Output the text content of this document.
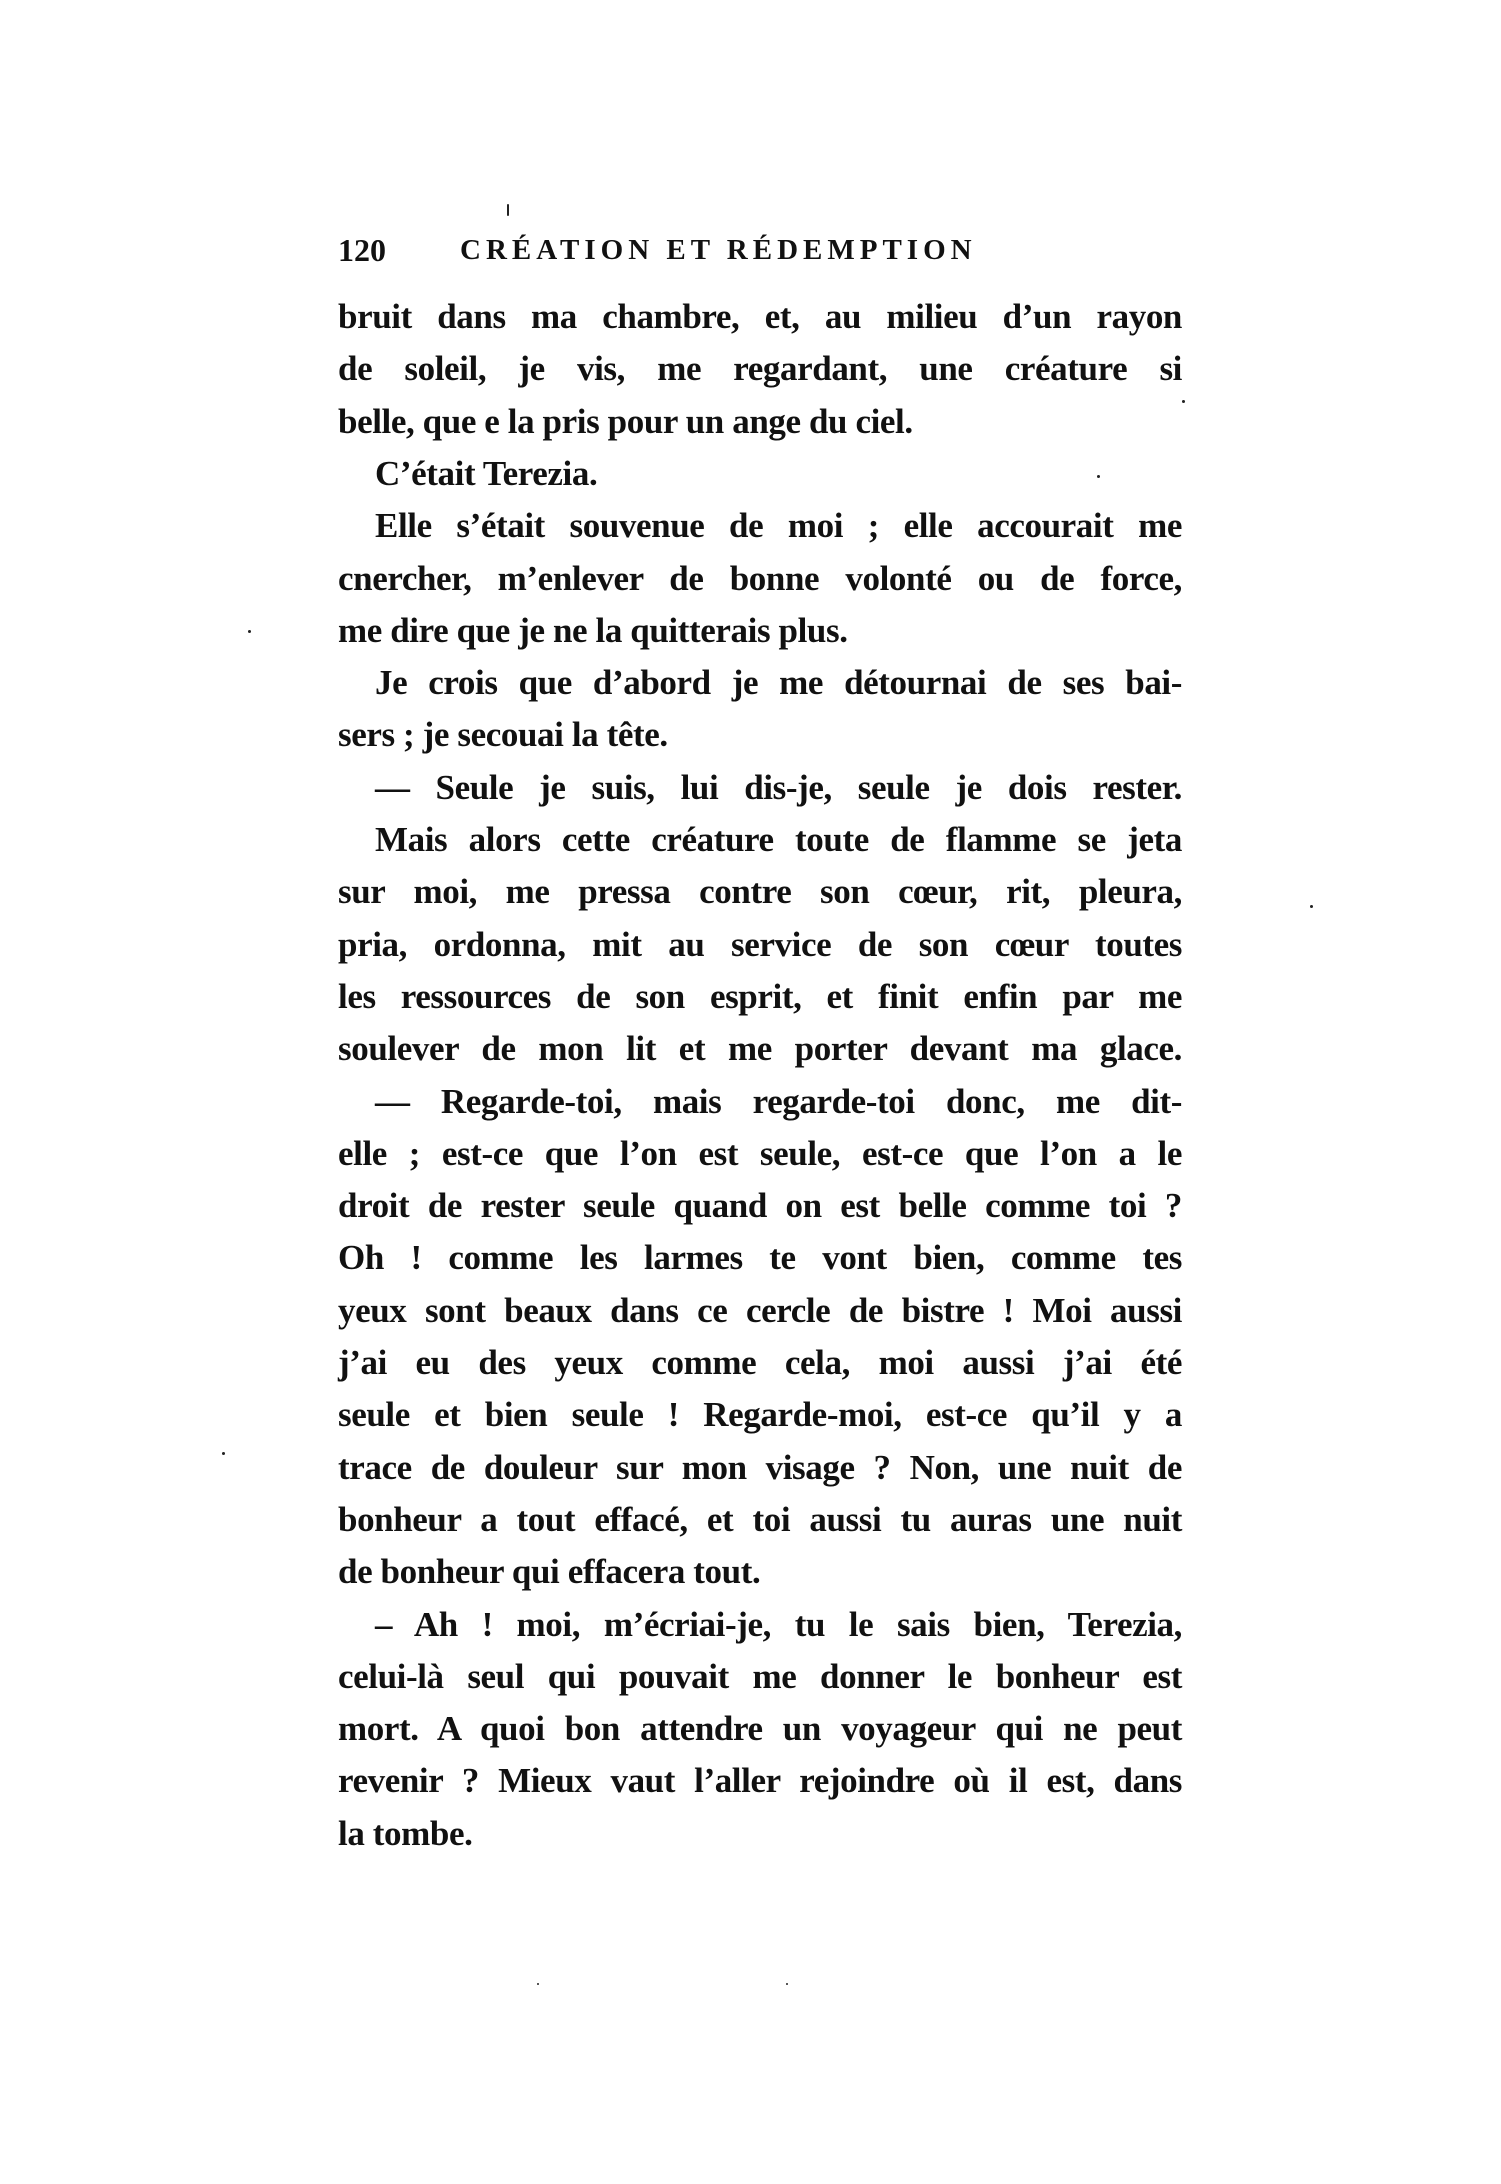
120	CRÉATION ET RÉDEMPTION
bruit dans ma chambre, et, au milieu d’un rayon
de soleil, je vis, me regardant, une créature si
belle, que e la pris pour un ange du ciel.
C’était Terezia.
Elle s’était souvenue de moi ; elle accourait me
cnercher, m’enlever de bonne volonté ou de force,
me dire que je ne la quitterais plus.
Je crois que d’abord je me détournai de ses bai-
sers ; je secouai la tête.
— Seule je suis, lui dis-je, seule je dois rester.
Mais alors cette créature toute de flamme se jeta
sur moi, me pressa contre son cœur, rit, pleura,
pria, ordonna, mit au service de son cœur toutes
les ressources de son esprit, et finit enfin par me
soulever de mon lit et me porter devant ma glace.
— Regarde-toi, mais regarde-toi donc, me dit-
elle ; est-ce que l’on est seule, est-ce que l’on a le
droit de rester seule quand on est belle comme toi ?
Oh ! comme les larmes te vont bien, comme tes
yeux sont beaux dans ce cercle de bistre ! Moi aussi
j’ai eu des yeux comme cela, moi aussi j’ai été
seule et bien seule ! Regarde-moi, est-ce qu’il y a
trace de douleur sur mon visage ? Non, une nuit de
bonheur a tout effacé, et toi aussi tu auras une nuit
de bonheur qui effacera tout.
– Ah ! moi, m’écriai-je, tu le sais bien, Terezia,
celui-là seul qui pouvait me donner le bonheur est
mort. A quoi bon attendre un voyageur qui ne peut
revenir ? Mieux vaut l’aller rejoindre où il est, dans
la tombe.
